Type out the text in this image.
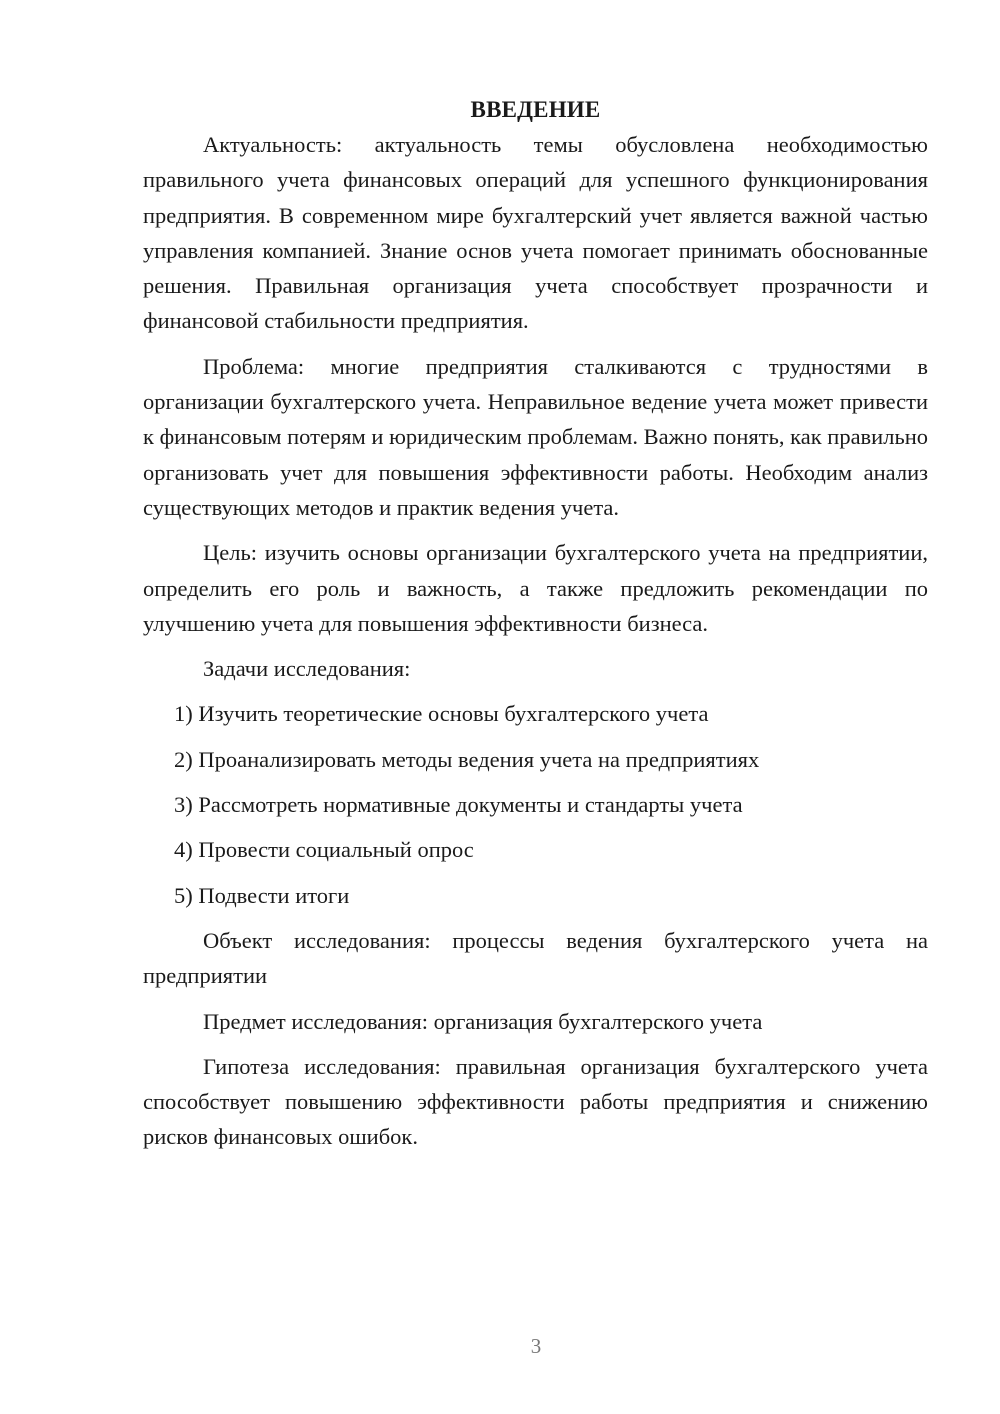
ВВЕДЕНИЕ

Актуальность: актуальность темы обусловлена необходимостью правильного учета финансовых операций для успешного функционирования предприятия. В современном мире бухгалтерский учет является важной частью управления компанией. Знание основ учета помогает принимать обоснованные решения. Правильная организация учета способствует прозрачности и финансовой стабильности предприятия.

Проблема: многие предприятия сталкиваются с трудностями в организации бухгалтерского учета. Неправильное ведение учета может привести к финансовым потерям и юридическим проблемам. Важно понять, как правильно организовать учет для повышения эффективности работы. Необходим анализ существующих методов и практик ведения учета.

Цель: изучить основы организации бухгалтерского учета на предприятии, определить его роль и важность, а также предложить рекомендации по улучшению учета для повышения эффективности бизнеса.

Задачи исследования:

1) Изучить теоретические основы бухгалтерского учета
2) Проанализировать методы ведения учета на предприятиях
3) Рассмотреть нормативные документы и стандарты учета
4) Провести социальный опрос
5) Подвести итоги

Объект исследования: процессы ведения бухгалтерского учета на предприятии

Предмет исследования: организация бухгалтерского учета

Гипотеза исследования: правильная организация бухгалтерского учета способствует повышению эффективности работы предприятия и снижению рисков финансовых ошибок.

3
